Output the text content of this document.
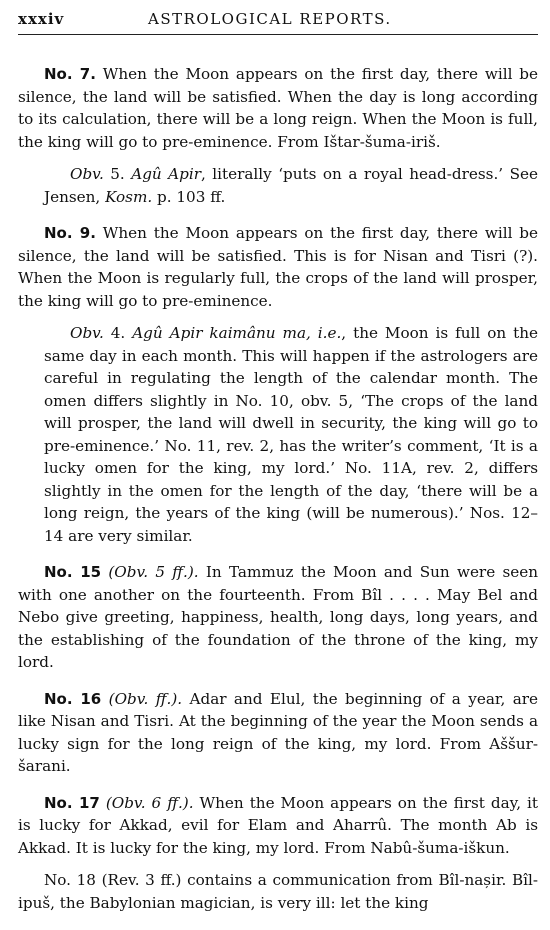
xxxiv	ASTROLOGICAL REPORTS.

No. 7. When the Moon appears on the first day, there will be silence, the land will be satisfied. When the day is long according to its calculation, there will be a long reign. When the Moon is full, the king will go to pre-eminence. From Ištar-šuma-iriš.

Obv. 5. Agû Apir, literally ‘puts on a royal head-dress.’ See Jensen, Kosm. p. 103 ff.

No. 9. When the Moon appears on the first day, there will be silence, the land will be satisfied. This is for Nisan and Tisri (?). When the Moon is regularly full, the crops of the land will prosper, the king will go to pre-eminence.

Obv. 4. Agû Apir kaimânu ma, i.e., the Moon is full on the same day in each month. This will happen if the astrologers are careful in regulating the length of the calendar month. The omen differs slightly in No. 10, obv. 5, ‘The crops of the land will prosper, the land will dwell in security, the king will go to pre-eminence.’ No. 11, rev. 2, has the writer’s comment, ‘It is a lucky omen for the king, my lord.’ No. 11A, rev. 2, differs slightly in the omen for the length of the day, ‘there will be a long reign, the years of the king (will be numerous).’ Nos. 12–14 are very similar.

No. 15 (Obv. 5 ff.). In Tammuz the Moon and Sun were seen with one another on the fourteenth. From Bîl . . . . May Bel and Nebo give greeting, happiness, health, long days, long years, and the establishing of the foundation of the throne of the king, my lord.

No. 16 (Obv. ff.). Adar and Elul, the beginning of a year, are like Nisan and Tisri. At the beginning of the year the Moon sends a lucky sign for the long reign of the king, my lord. From Aššur-šarani.

No. 17 (Obv. 6 ff.). When the Moon appears on the first day, it is lucky for Akkad, evil for Elam and Aharrû. The month Ab is Akkad. It is lucky for the king, my lord. From Nabû-šuma-iškun.

No. 18 (Rev. 3 ff.) contains a communication from Bîl-nașir. Bîl-ipuš, the Babylonian magician, is very ill: let the king
